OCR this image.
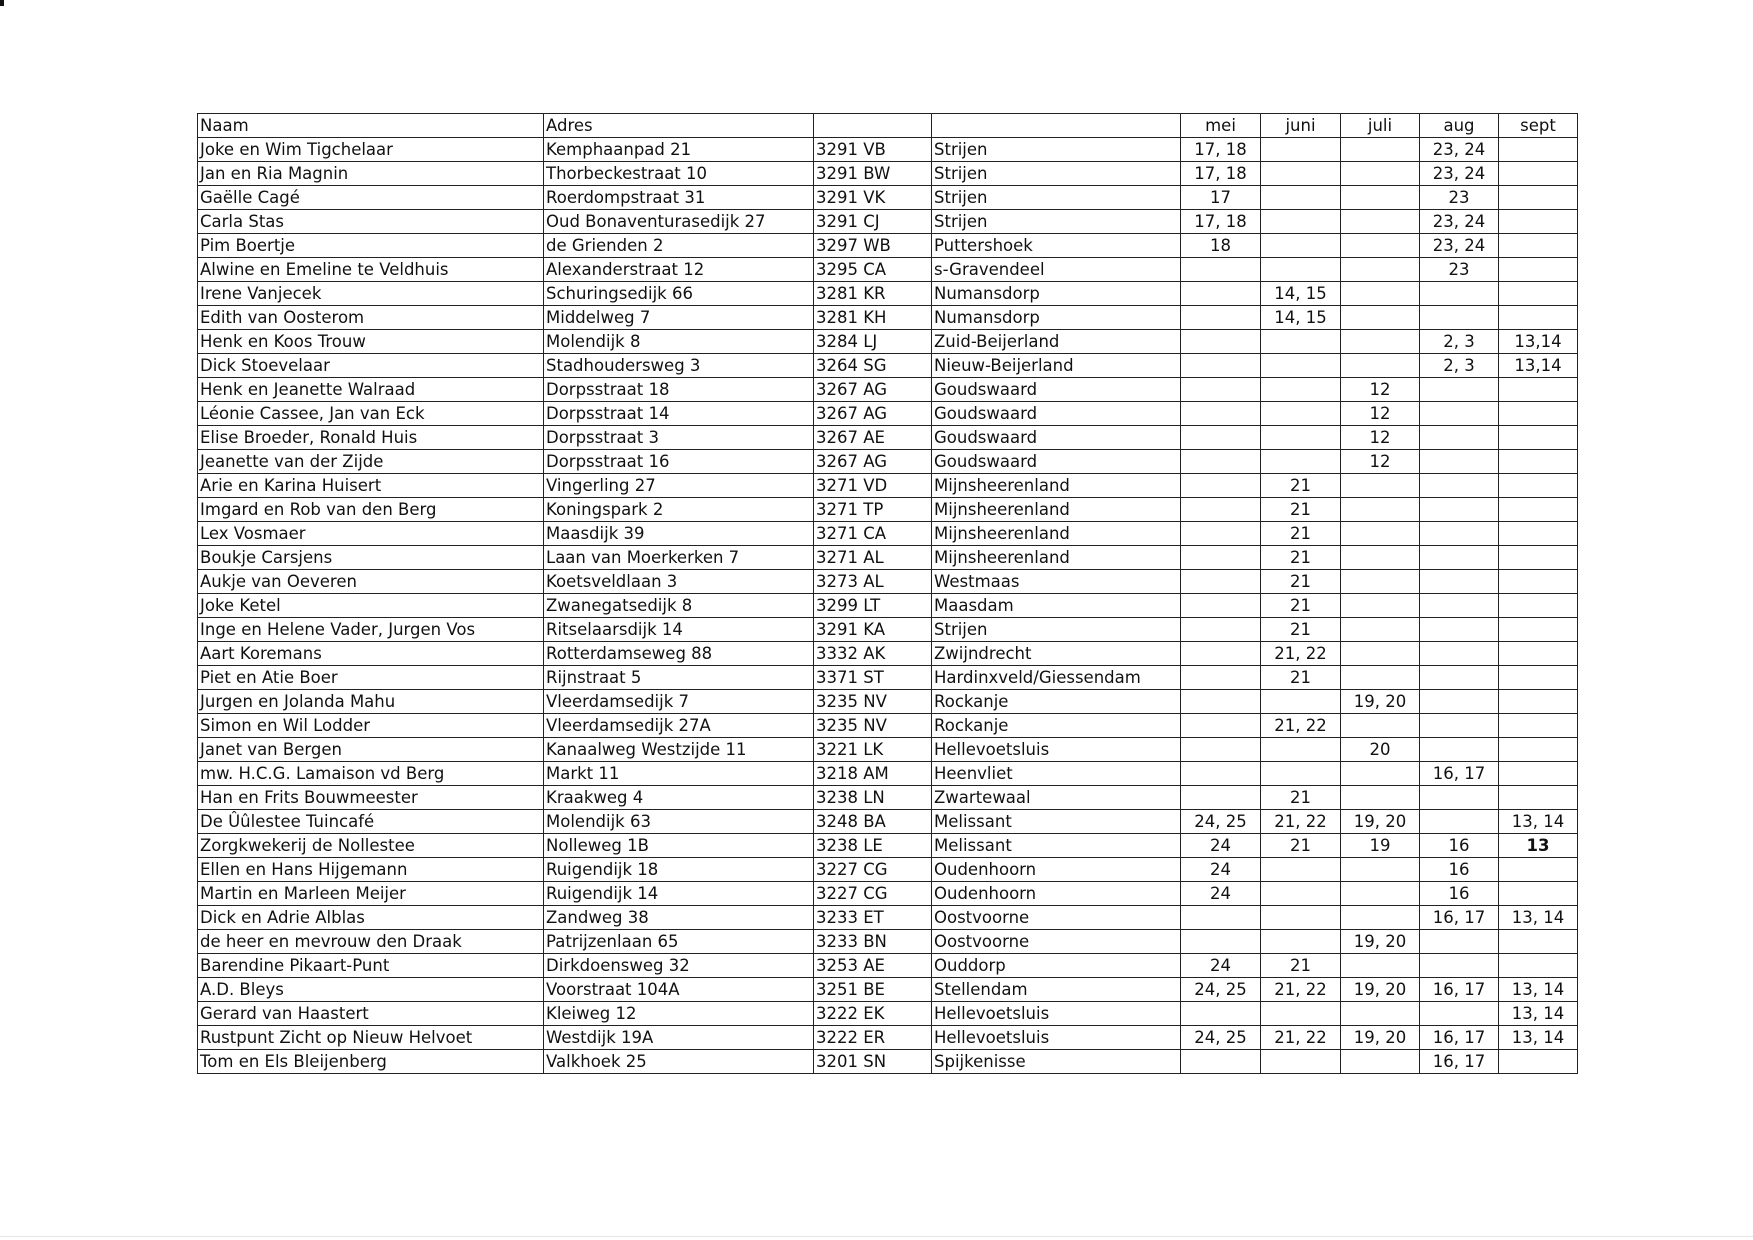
Naam	Adres			mei	juni	juli	aug	sept
Joke en Wim Tigchelaar	Kemphaanpad 21	3291 VB	Strijen	17, 18			23, 24	
Jan en Ria Magnin	Thorbeckestraat 10	3291 BW	Strijen	17, 18			23, 24	
Gaëlle Cagé	Roerdompstraat 31	3291 VK	Strijen	17			23	
Carla Stas	Oud Bonaventurasedijk 27	3291 CJ	Strijen	17, 18			23, 24	
Pim Boertje	de Grienden 2	3297 WB	Puttershoek	18			23, 24	
Alwine en Emeline te Veldhuis	Alexanderstraat 12	3295 CA	s-Gravendeel				23	
Irene Vanjecek	Schuringsedijk 66	3281 KR	Numansdorp		14, 15			
Edith van Oosterom	Middelweg 7	3281 KH	Numansdorp		14, 15			
Henk en Koos Trouw	Molendijk 8	3284 LJ	Zuid-Beijerland				2, 3	13,14
Dick Stoevelaar	Stadhoudersweg 3	3264 SG	Nieuw-Beijerland				2, 3	13,14
Henk en Jeanette Walraad	Dorpsstraat 18	3267 AG	Goudswaard			12		
Léonie Cassee, Jan van Eck	Dorpsstraat 14	3267 AG	Goudswaard			12		
Elise Broeder, Ronald Huis	Dorpsstraat 3	3267 AE	Goudswaard			12		
Jeanette van der Zijde	Dorpsstraat 16	3267 AG	Goudswaard			12		
Arie en Karina Huisert	Vingerling 27	3271 VD	Mijnsheerenland		21			
Imgard en Rob van den Berg	Koningspark 2	3271 TP	Mijnsheerenland		21			
Lex Vosmaer	Maasdijk 39	3271 CA	Mijnsheerenland		21			
Boukje Carsjens	Laan van Moerkerken 7	3271 AL	Mijnsheerenland		21			
Aukje van Oeveren	Koetsveldlaan 3	3273 AL	Westmaas		21			
Joke Ketel	Zwanegatsedijk 8	3299 LT	Maasdam		21			
Inge en Helene Vader, Jurgen Vos	Ritselaarsdijk 14	3291 KA	Strijen		21			
Aart Koremans	Rotterdamseweg 88	3332 AK	Zwijndrecht		21, 22			
Piet en Atie Boer	Rijnstraat 5	3371 ST	Hardinxveld/Giessendam		21			
Jurgen en Jolanda Mahu	Vleerdamsedijk 7	3235 NV	Rockanje			19, 20		
Simon en Wil Lodder	Vleerdamsedijk 27A	3235 NV	Rockanje		21, 22			
Janet van Bergen	Kanaalweg Westzijde 11	3221 LK	Hellevoetsluis			20		
mw. H.C.G. Lamaison vd Berg	Markt 11	3218 AM	Heenvliet				16, 17	
Han en Frits Bouwmeester	Kraakweg 4	3238 LN	Zwartewaal		21			
De Ûûlestee Tuincafé	Molendijk 63	3248 BA	Melissant	24, 25	21, 22	19, 20		13, 14
Zorgkwekerij de Nollestee	Nolleweg 1B	3238 LE	Melissant	24	21	19	16	13
Ellen en Hans Hijgemann	Ruigendijk 18	3227 CG	Oudenhoorn	24			16	
Martin en Marleen Meijer	Ruigendijk 14	3227 CG	Oudenhoorn	24			16	
Dick en Adrie Alblas	Zandweg 38	3233 ET	Oostvoorne				16, 17	13, 14
de heer en mevrouw den Draak	Patrijzenlaan 65	3233 BN	Oostvoorne			19, 20		
Barendine Pikaart-Punt	Dirkdoensweg 32	3253 AE	Ouddorp	24	21			
A.D. Bleys	Voorstraat 104A	3251 BE	Stellendam	24, 25	21, 22	19, 20	16, 17	13, 14
Gerard van Haastert	Kleiweg 12	3222 EK	Hellevoetsluis					13, 14
Rustpunt Zicht op Nieuw Helvoet	Westdijk 19A	3222 ER	Hellevoetsluis	24, 25	21, 22	19, 20	16, 17	13, 14
Tom en Els Bleijenberg	Valkhoek 25	3201 SN	Spijkenisse				16, 17	
